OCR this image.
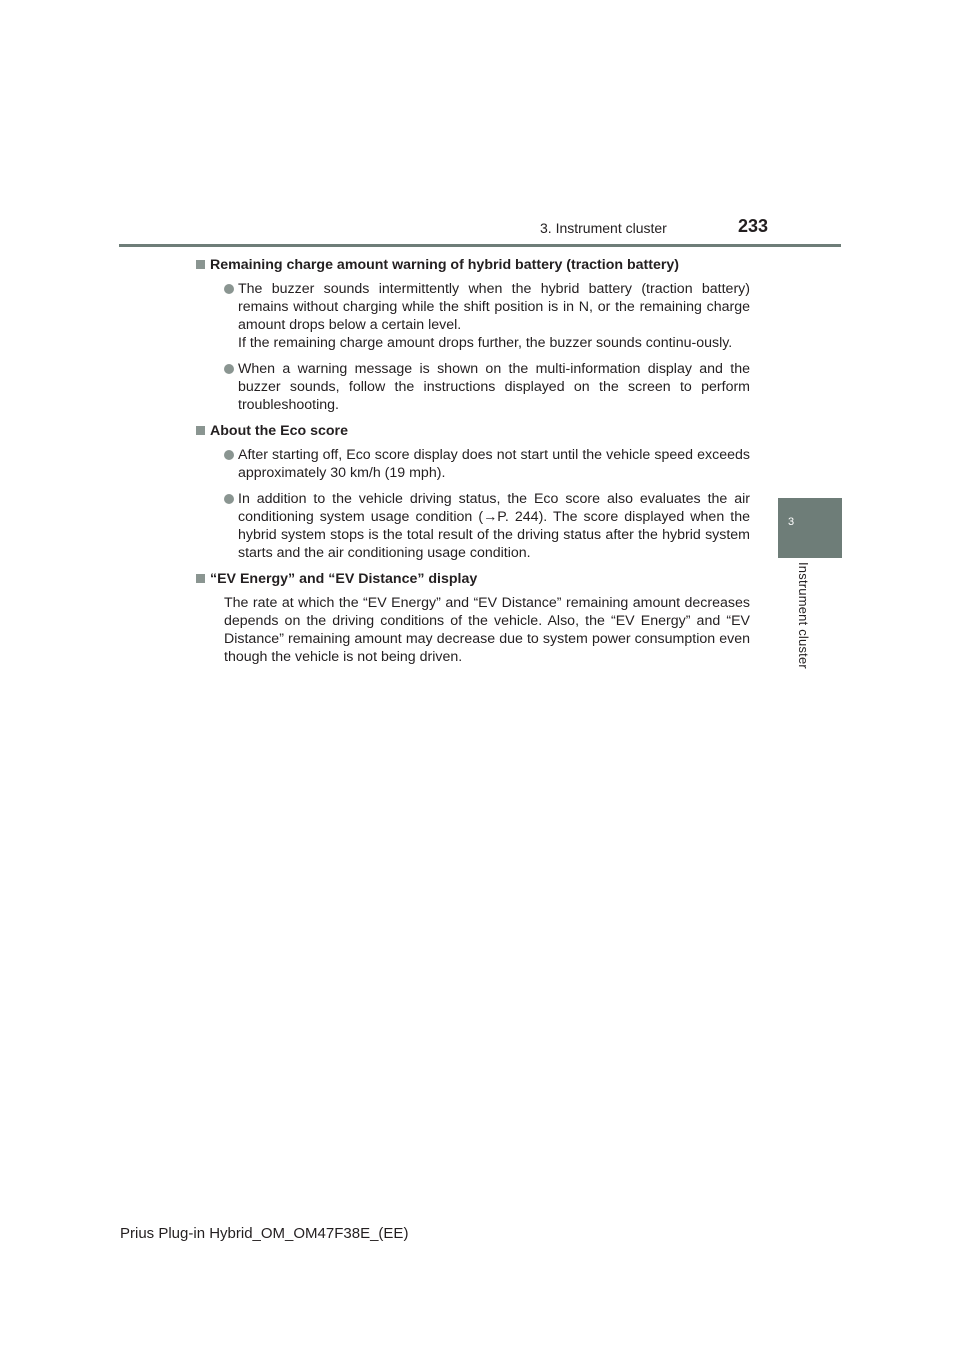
3. Instrument cluster	233
3
Instrument cluster
Remaining charge amount warning of hybrid battery (traction battery)

The buzzer sounds intermittently when the hybrid battery (traction battery) remains without charging while the shift position is in N, or the remaining charge amount drops below a certain level.

If the remaining charge amount drops further, the buzzer sounds continu-ously.

When a warning message is shown on the multi-information display and the buzzer sounds, follow the instructions displayed on the screen to perform troubleshooting.

About the Eco score

After starting off, Eco score display does not start until the vehicle speed exceeds approximately 30 km/h (19 mph).

In addition to the vehicle driving status, the Eco score also evaluates the air conditioning system usage condition (→P. 244). The score displayed when the hybrid system stops is the total result of the driving status after the hybrid system starts and the air conditioning usage condition.

“EV Energy” and “EV Distance” display

The rate at which the “EV Energy” and “EV Distance” remaining amount decreases depends on the driving conditions of the vehicle. Also, the “EV Energy” and “EV Distance” remaining amount may decrease due to system power consumption even though the vehicle is not being driven.

Prius Plug-in Hybrid_OM_OM47F38E_(EE)
